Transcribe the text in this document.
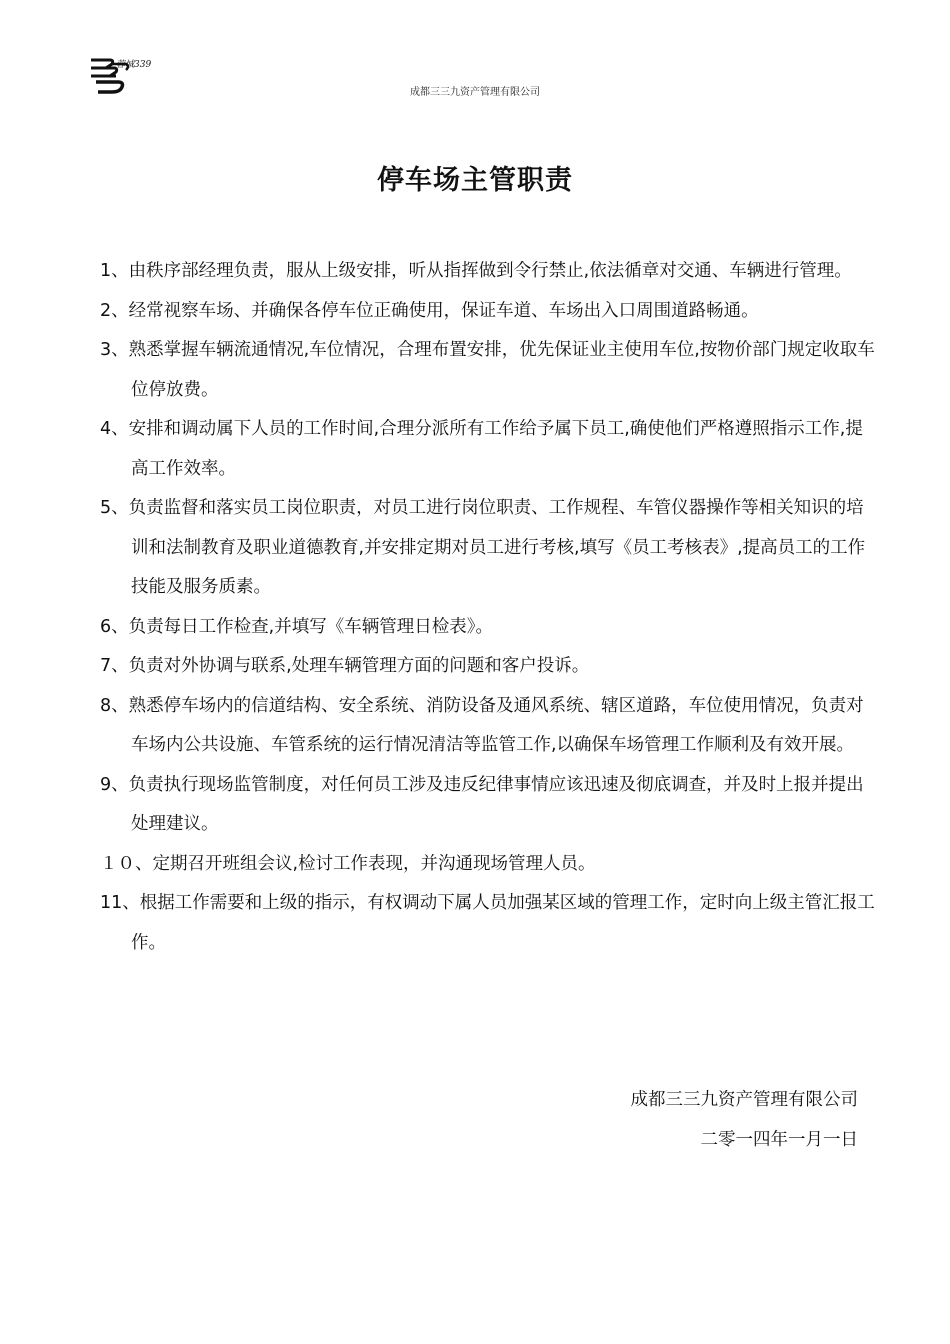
蓉城339
成都三三九资产管理有限公司
停车场主管职责
1、由秩序部经理负责，服从上级安排，听从指挥做到令行禁止,依法循章对交通、车辆进行管理。
2、经常视察车场、并确保各停车位正确使用，保证车道、车场出入口周围道路畅通。
3、熟悉掌握车辆流通情况,车位情况，合理布置安排，优先保证业主使用车位,按物价部门规定收取车位停放费。
4、安排和调动属下人员的工作时间,合理分派所有工作给予属下员工,确使他们严格遵照指示工作,提高工作效率。
5、负责监督和落实员工岗位职责，对员工进行岗位职责、工作规程、车管仪器操作等相关知识的培训和法制教育及职业道德教育,并安排定期对员工进行考核,填写《员工考核表》,提高员工的工作技能及服务质素。
6、负责每日工作检查,并填写《车辆管理日检表》。
7、负责对外协调与联系,处理车辆管理方面的问题和客户投诉。
8、熟悉停车场内的信道结构、安全系统、消防设备及通风系统、辖区道路，车位使用情况，负责对车场内公共设施、车管系统的运行情况清洁等监管工作,以确保车场管理工作顺利及有效开展。
9、负责执行现场监管制度，对任何员工涉及违反纪律事情应该迅速及彻底调查，并及时上报并提出处理建议。
１０、定期召开班组会议,检讨工作表现，并沟通现场管理人员。
11、根据工作需要和上级的指示，有权调动下属人员加强某区域的管理工作，定时向上级主管汇报工作。
成都三三九资产管理有限公司
二零一四年一月一日
